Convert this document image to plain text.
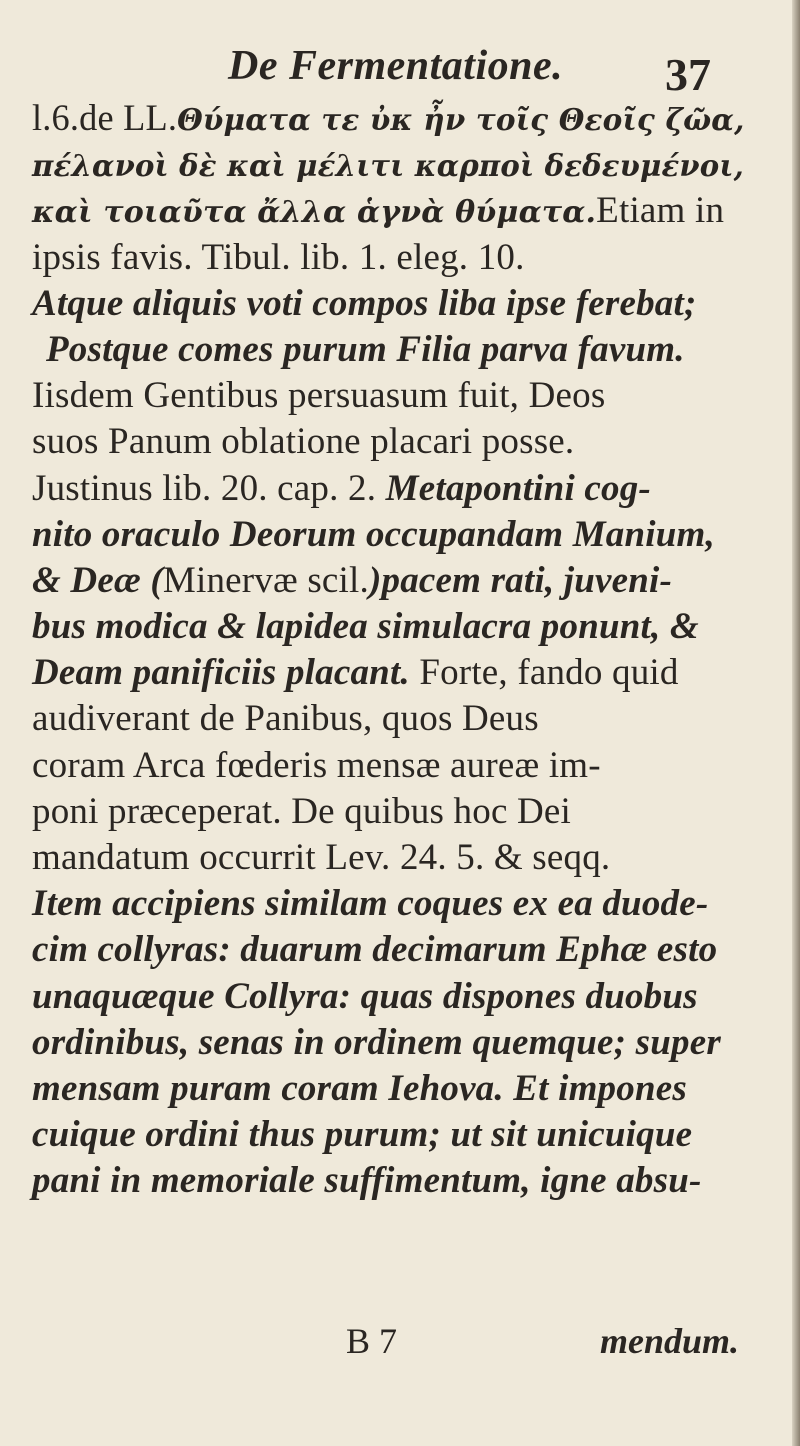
De Fermentatione. 37
l.6.de LL.Θύματα τε ὐκ ἦν τοῖς Θεοῖς ζῶα,
πέλανοὶ δὲ καὶ μέλιτι καρποὶ δεδευμένοι,
καὶ τοιαῦτα ἄλλα ἁγνὰ θύματα.Etiam in
ipsis favis. Tibul. lib. 1. eleg. 10.
Atque aliquis voti compos liba ipse ferebat;
Postque comes purum Filia parva favum.
Iisdem Gentibus persuasum fuit, Deos
suos Panum oblatione placari posse.
Justinus lib. 20. cap. 2. Metapontini cog-
nito oraculo Deorum occupandam Manium,
& Deæ (Minervæ scil.)pacem rati, juveni-
bus modica & lapidea simulacra ponunt, &
Deam panificiis placant. Forte, fando quid
audiverant de Panibus, quos Deus
coram Arca fœderis mensæ aureæ im-
poni præceperat. De quibus hoc Dei
mandatum occurrit Lev. 24. 5. & seqq.
Item accipiens similam coques ex ea duode-
cim collyras: duarum decimarum Ephæ esto
unaquæque Collyra: quas dispones duobus
ordinibus, senas in ordinem quemque; super
mensam puram coram Iehova. Et impones
cuique ordini thus purum; ut sit unicuique
pani in memoriale suffimentum, igne absu-
B 7	mendum.
